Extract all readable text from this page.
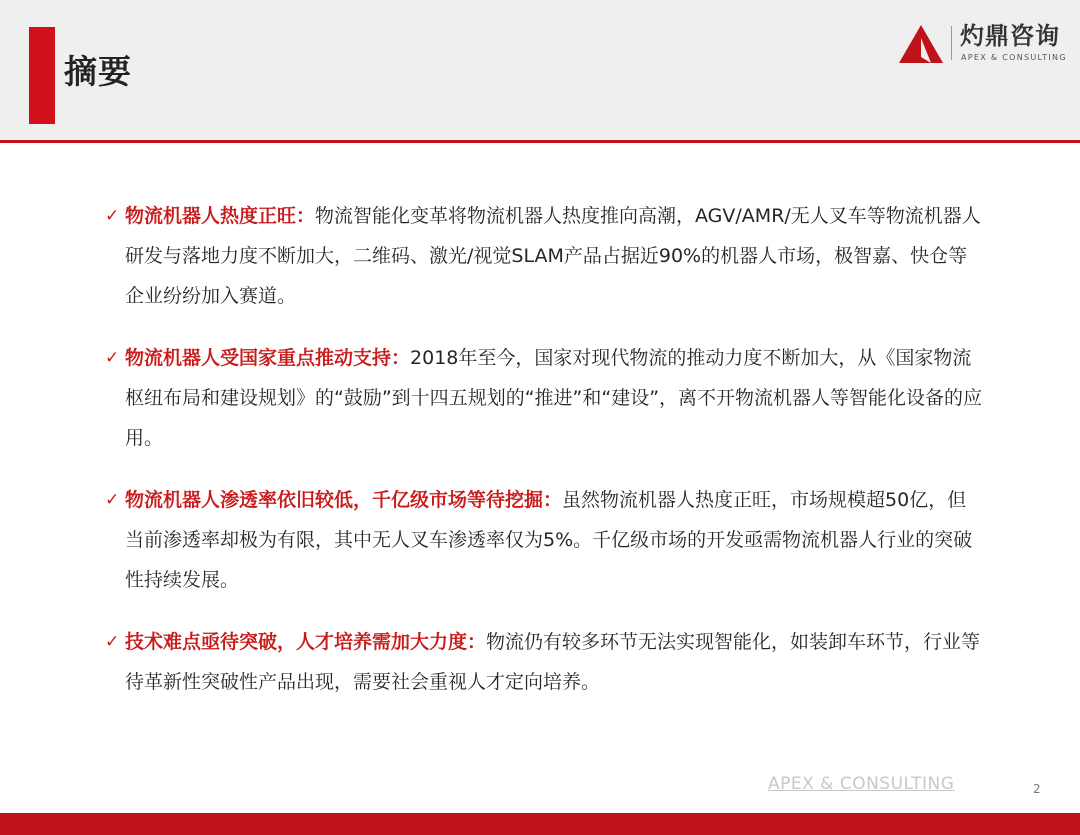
摘要
灼鼎咨询
APEX & CONSULTING
✓ 物流机器人热度正旺：物流智能化变革将物流机器人热度推向高潮，AGV/AMR/无人叉车等物流机器人研发与落地力度不断加大，二维码、激光/视觉SLAM产品占据近90%的机器人市场，极智嘉、快仓等企业纷纷加入赛道。

✓ 物流机器人受国家重点推动支持：2018年至今，国家对现代物流的推动力度不断加大，从《国家物流枢纽布局和建设规划》的“鼓励”到十四五规划的“推进”和“建设”，离不开物流机器人等智能化设备的应用。

✓ 物流机器人渗透率依旧较低，千亿级市场等待挖掘：虽然物流机器人热度正旺，市场规模超50亿，但当前渗透率却极为有限，其中无人叉车渗透率仅为5%。千亿级市场的开发亟需物流机器人行业的突破性持续发展。

✓ 技术难点亟待突破，人才培养需加大力度：物流仍有较多环节无法实现智能化，如装卸车环节，行业等待革新性突破性产品出现，需要社会重视人才定向培养。

APEX & CONSULTING	2
